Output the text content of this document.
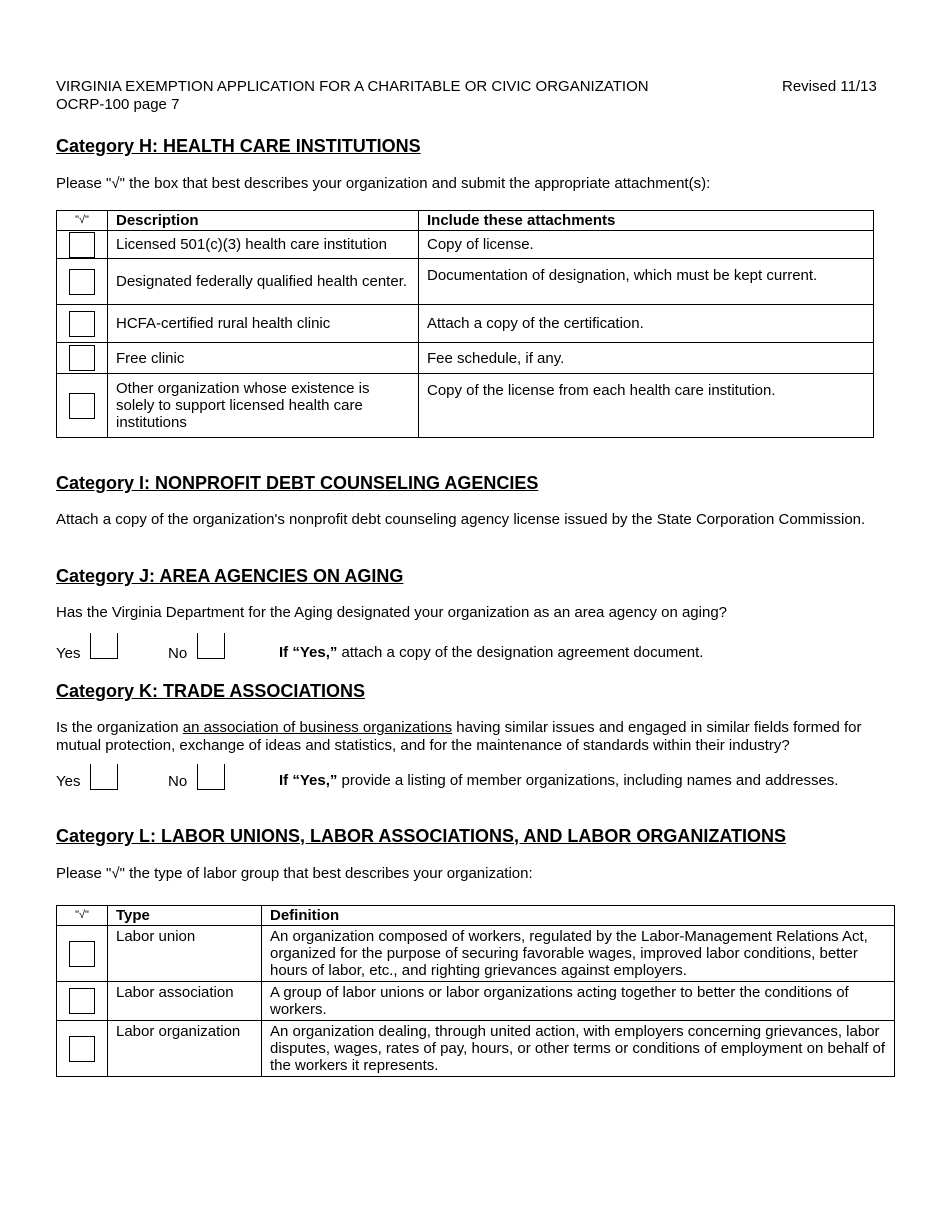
VIRGINIA EXEMPTION APPLICATION FOR A CHARITABLE OR CIVIC ORGANIZATION
OCRP-100 page 7
Revised 11/13
Category H: HEALTH CARE INSTITUTIONS
Please "√" the box that best describes your organization and submit the appropriate attachment(s):
"√"	Description	Include these attachments
	Licensed 501(c)(3) health care institution	Copy of license.
	Designated federally qualified health center.	Documentation of designation, which must be kept current.
	HCFA-certified rural health clinic	Attach a copy of the certification.
	Free clinic	Fee schedule, if any.
	Other organization whose existence is solely to support licensed health care institutions	Copy of the license from each health care institution.
Category I: NONPROFIT DEBT COUNSELING AGENCIES
Attach a copy of the organization's nonprofit debt counseling agency license issued by the State Corporation Commission.
Category J: AREA AGENCIES ON AGING
Has the Virginia Department for the Aging designated your organization as an area agency on aging?
Yes	No	If “Yes,” attach a copy of the designation agreement document.
Category K: TRADE ASSOCIATIONS
Is the organization an association of business organizations having similar issues and engaged in similar fields formed for mutual protection, exchange of ideas and statistics, and for the maintenance of standards within their industry?
Yes	No	If “Yes,” provide a listing of member organizations, including names and addresses.
Category L: LABOR UNIONS, LABOR ASSOCIATIONS, AND LABOR ORGANIZATIONS
Please "√" the type of labor group that best describes your organization:
"√"	Type	Definition
	Labor union	An organization composed of workers, regulated by the Labor-Management Relations Act, organized for the purpose of securing favorable wages, improved labor conditions, better hours of labor, etc., and righting grievances against employers.
	Labor association	A group of labor unions or labor organizations acting together to better the conditions of workers.
	Labor organization	An organization dealing, through united action, with employers concerning grievances, labor disputes, wages, rates of pay, hours, or other terms or conditions of employment on behalf of the workers it represents.
